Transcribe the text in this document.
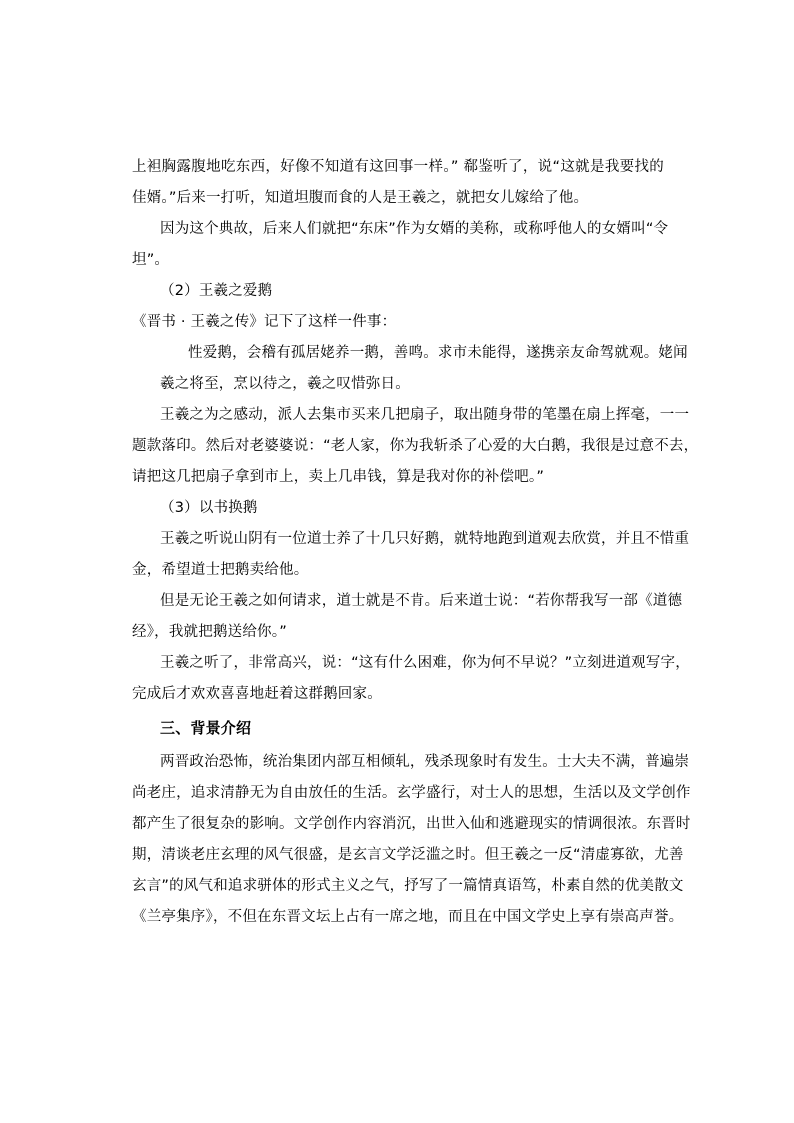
上袒胸露腹地吃东西，好像不知道有这回事一样。” 郗鉴听了，说“这就是我要找的
佳婿。”后来一打听，知道坦腹而食的人是王羲之，就把女儿嫁给了他。
因为这个典故，后来人们就把“东床”作为女婿的美称，或称呼他人的女婿叫“令
坦”。
（2）王羲之爱鹅
《晋书 · 王羲之传》记下了这样一件事：
性爱鹅，会稽有孤居姥养一鹅，善鸣。求市未能得，遂携亲友命驾就观。姥闻
羲之将至，烹以待之，羲之叹惜弥日。
王羲之为之感动，派人去集市买来几把扇子，取出随身带的笔墨在扇上挥毫，一一
题款落印。然后对老婆婆说：“老人家，你为我斩杀了心爱的大白鹅，我很是过意不去，
请把这几把扇子拿到市上，卖上几串钱，算是我对你的补偿吧。”
（3）以书换鹅
王羲之听说山阴有一位道士养了十几只好鹅，就特地跑到道观去欣赏，并且不惜重
金，希望道士把鹅卖给他。
但是无论王羲之如何请求，道士就是不肯。后来道士说：“若你帮我写一部《道德
经》，我就把鹅送给你。”
王羲之听了，非常高兴，说：“这有什么困难，你为何不早说？”立刻进道观写字，
完成后才欢欢喜喜地赶着这群鹅回家。
三、背景介绍
两晋政治恐怖，统治集团内部互相倾轧，残杀现象时有发生。士大夫不满，普遍崇
尚老庄，追求清静无为自由放任的生活。玄学盛行，对士人的思想，生活以及文学创作
都产生了很复杂的影响。文学创作内容消沉，出世入仙和逃避现实的情调很浓。东晋时
期，清谈老庄玄理的风气很盛，是玄言文学泛滥之时。但王羲之一反“清虚寡欲，尤善
玄言”的风气和追求骈体的形式主义之气，抒写了一篇情真语笃，朴素自然的优美散文
《兰亭集序》，不但在东晋文坛上占有一席之地，而且在中国文学史上享有崇高声誉。
